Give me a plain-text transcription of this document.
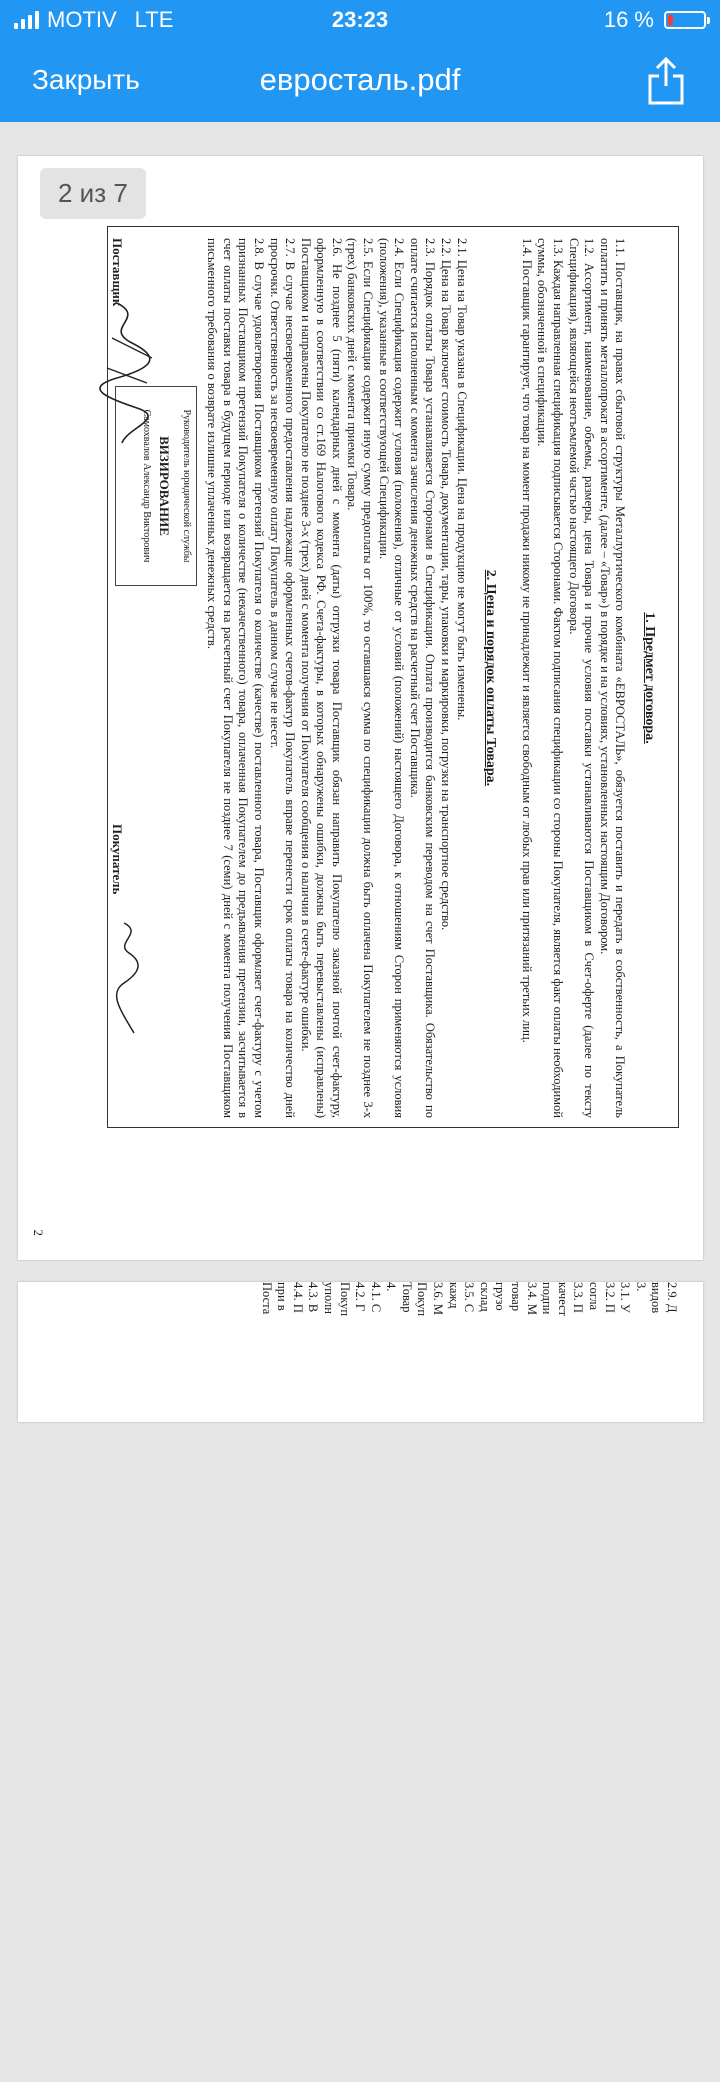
MOTIV LTE	23:23	16 %
Закрыть	евросталь.pdf
1. Предмет договора.

1.1. Поставщик, на правах сбытовой структуры Металлургического комбината «ЕВРОСТАЛЬ», обязуется поставить и передать в собственность, а Покупатель оплатить и принять металлопрокат в ассортименте, (далее – «Товар») в порядке и на условиях, установленных настоящим Договором.

1.2. Ассортимент, наименование, объемы, размеры, цена Товара и прочие условия поставки устанавливаются Поставщиком в Счет-оферте (далее по тексту Спецификация), являющейся неотъемлемой частью настоящего Договора.

1.3. Каждая направленная спецификация подписывается Сторонами. Фактом подписания спецификации со стороны Покупателя, является факт оплаты необходимой суммы, обозначенной в спецификации.

1.4. Поставщик гарантирует, что товар на момент продажи никому не принадлежит и является свободным от любых прав или притязаний третьих лиц.

2. Цена и порядок оплаты Товара.

2.1. Цена на Товар указана в Спецификации. Цена на продукцию не могут быть изменены.

2.2. Цена на Товар включает стоимость Товара, документации, тары, упаковки и маркировки, погрузки на транспортное средство.

2.3. Порядок оплаты Товара устанавливается Сторонами в Спецификации. Оплата производится банковским переводом на счет Поставщика. Обязательство по оплате считается исполненным с момента зачисления денежных средств на расчетный счет Поставщика.

2.4. Если Спецификация содержит условия (положения), отличные от условий (положений) настоящего Договора, к отношениям Сторон применяются условия (положения), указанные в соответствующей Спецификации.

2.5. Если Спецификация содержит иную сумму предоплаты от 100%, то оставшаяся сумма по спецификации должна быть оплачена Покупателем не позднее 3-х (трех) банковских дней с момента приемки Товара.

2.6. Не позднее 5 (пяти) календарных дней с момента (даты) отгрузки товара Поставщик обязан направить Покупателю заказной почтой счет-фактуру, оформленную в соответствии со ст.169 Налогового кодекса РФ. Счета-фактуры, в которых обнаружены ошибки, должны быть перевыставлены (исправлены) Поставщиком и направлены Покупателю не позднее 3-х (трех) дней с момента получения от Покупателя сообщения о наличии в счете-фактуре ошибки.

2.7. В случае несвоевременного предоставления надлежаще оформленных счетов-фактур Покупатель вправе перенести срок оплаты товара на количество дней просрочки. Ответственность за несвоевременную оплату Покупатель в данном случае не несет.

2.8. В случае удовлетворения Поставщиком претензий Покупателя о количестве (качестве) поставленного товара, Поставщик оформляет счет-фактуру с учетом признанных Поставщиком претензий Покупателя о количестве (некачественного) товара, оплаченная Покупателем до предъявления претензии, засчитывается в счет оплаты поставки товара в будущем периоде или возвращается на расчетный счет Покупателя не позднее 7 (семи) дней с момента получения Поставщиком письменного требования о возврате излишне уплаченных денежных средств.

Руководитель юридической службы
ВИЗИРОВАНИЕ
Самохвалов Александр Викторович
Поставщик
Покупатель
2
2.9. Д
видов
3.
3.1. У
3.2. П
согла
3.3. П
качест
подпи
3.4. М
товар
грузо
склад
3.5. С
кажд
3.6. М
Покуп
Товар
4.
4.1. С
4.2. Г
Покуп
уполн
4.3. В
4.4. П
при в
Поста
2 из 7
